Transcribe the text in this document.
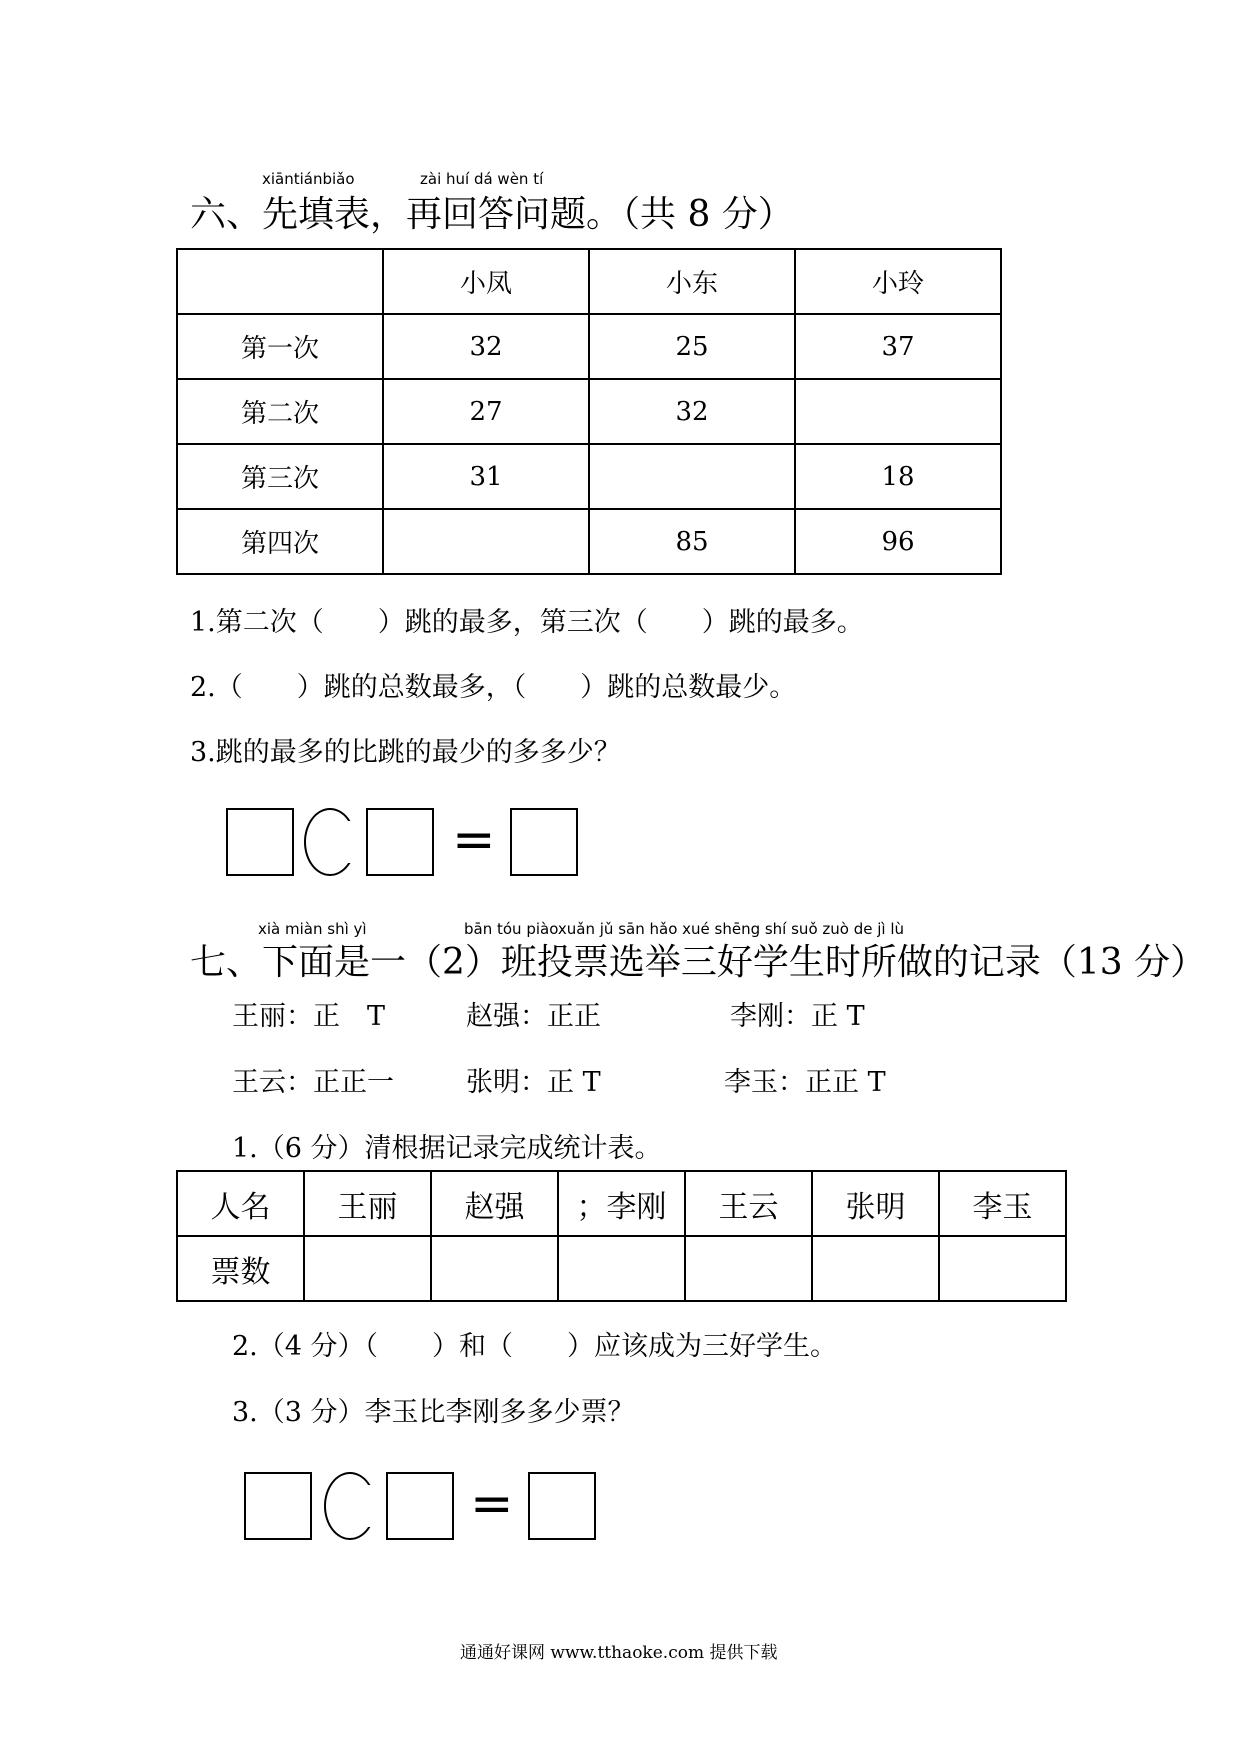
xiāntiánbiǎo	zài huí dá wèn tí
六、先填表，再回答问题。（共 8 分）
	小凤	小东	小玲
第一次	32	25	37
第二次	27	32	
第三次	31		18
第四次		85	96
1.第二次（　　）跳的最多，第三次（　　）跳的最多。
2.（　　）跳的总数最多，（　　）跳的总数最少。
3.跳的最多的比跳的最少的多多少？
=
xià miàn shì yì	bān tóu piàoxuǎn jǔ sān hǎo xué shēng shí suǒ zuò de jì lù
七、下面是一（2）班投票选举三好学生时所做的记录（13 分）
王丽：正　T	赵强：正正	李刚：正 T
王云：正正一	张明：正 T	李玉：正正 T
1.（6 分）清根据记录完成统计表。
人名	王丽	赵强	；李刚	王云	张明	李玉
票数						
2.（4 分）（　　）和（　　）应该成为三好学生。
3.（3 分）李玉比李刚多多少票？
=
通通好课网 www.tthaoke.com 提供下载
